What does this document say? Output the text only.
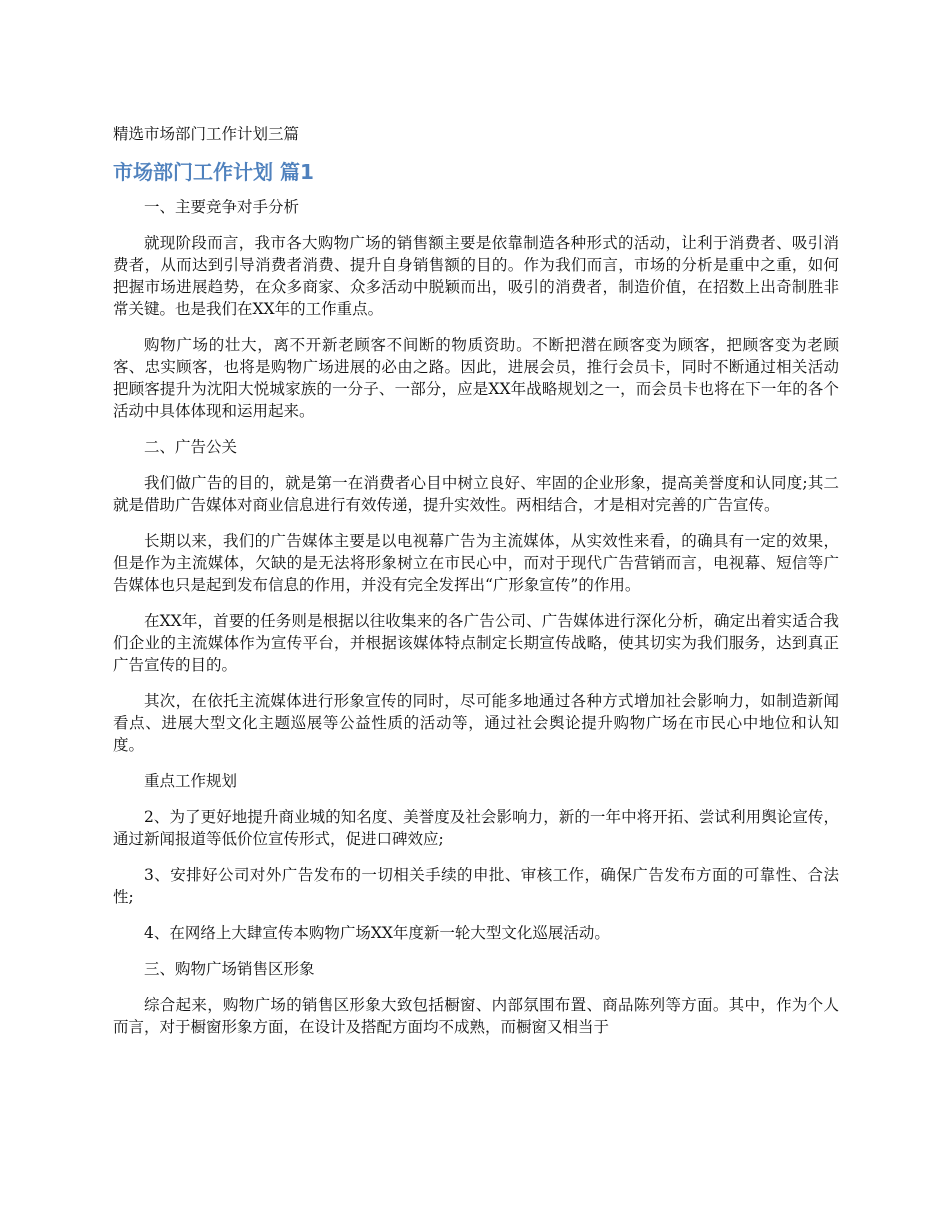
精选市场部门工作计划三篇
市场部门工作计划 篇1

一、主要竞争对手分析

就现阶段而言，我市各大购物广场的销售额主要是依靠制造各种形式的活动，让利于消费者、吸引消费者，从而达到引导消费者消费、提升自身销售额的目的。作为我们而言，市场的分析是重中之重，如何把握市场进展趋势，在众多商家、众多活动中脱颖而出，吸引的消费者，制造价值，在招数上出奇制胜非常关键。也是我们在XX年的工作重点。

购物广场的壮大，离不开新老顾客不间断的物质资助。不断把潜在顾客变为顾客，把顾客变为老顾客、忠实顾客，也将是购物广场进展的必由之路。因此，进展会员，推行会员卡，同时不断通过相关活动把顾客提升为沈阳大悦城家族的一分子、一部分，应是XX年战略规划之一，而会员卡也将在下一年的各个活动中具体体现和运用起来。

二、广告公关

我们做广告的目的，就是第一在消费者心目中树立良好、牢固的企业形象，提高美誉度和认同度;其二就是借助广告媒体对商业信息进行有效传递，提升实效性。两相结合，才是相对完善的广告宣传。

长期以来，我们的广告媒体主要是以电视幕广告为主流媒体，从实效性来看，的确具有一定的效果，但是作为主流媒体，欠缺的是无法将形象树立在市民心中，而对于现代广告营销而言，电视幕、短信等广告媒体也只是起到发布信息的作用，并没有完全发挥出“广形象宣传”的作用。

在XX年，首要的任务则是根据以往收集来的各广告公司、广告媒体进行深化分析，确定出着实适合我们企业的主流媒体作为宣传平台，并根据该媒体特点制定长期宣传战略，使其切实为我们服务，达到真正广告宣传的目的。

其次，在依托主流媒体进行形象宣传的同时，尽可能多地通过各种方式增加社会影响力，如制造新闻看点、进展大型文化主题巡展等公益性质的活动等，通过社会舆论提升购物广场在市民心中地位和认知度。

重点工作规划

2、为了更好地提升商业城的知名度、美誉度及社会影响力，新的一年中将开拓、尝试利用舆论宣传，通过新闻报道等低价位宣传形式，促进口碑效应;

3、安排好公司对外广告发布的一切相关手续的申批、审核工作，确保广告发布方面的可靠性、合法性;

4、在网络上大肆宣传本购物广场XX年度新一轮大型文化巡展活动。

三、购物广场销售区形象

综合起来，购物广场的销售区形象大致包括橱窗、内部氛围布置、商品陈列等方面。其中，作为个人而言，对于橱窗形象方面，在设计及搭配方面均不成熟，而橱窗又相当于
